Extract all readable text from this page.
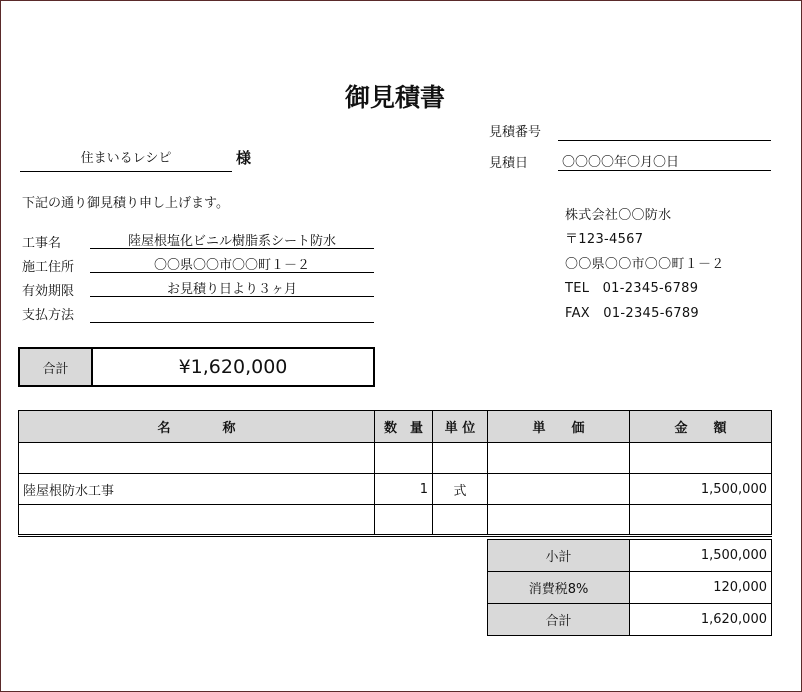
御見積書
見積番号
見積日	〇〇〇〇年〇月〇日
住まいるレシピ	様
下記の通り御見積り申し上げます。
工事名	陸屋根塩化ビニル樹脂系シート防水
施工住所	〇〇県〇〇市〇〇町１－２
有効期限	お見積り日より３ヶ月
支払方法
株式会社〇〇防水
〒123-4567
〇〇県〇〇市〇〇町１－２
TEL　01-2345-6789
FAX　01-2345-6789
合計	¥1,620,000
名　　　　称	数　量	単 位	単　　価	金　　額

陸屋根防水工事	1	式		1,500,000

小計	1,500,000
消費税8%	120,000
合計	1,620,000
